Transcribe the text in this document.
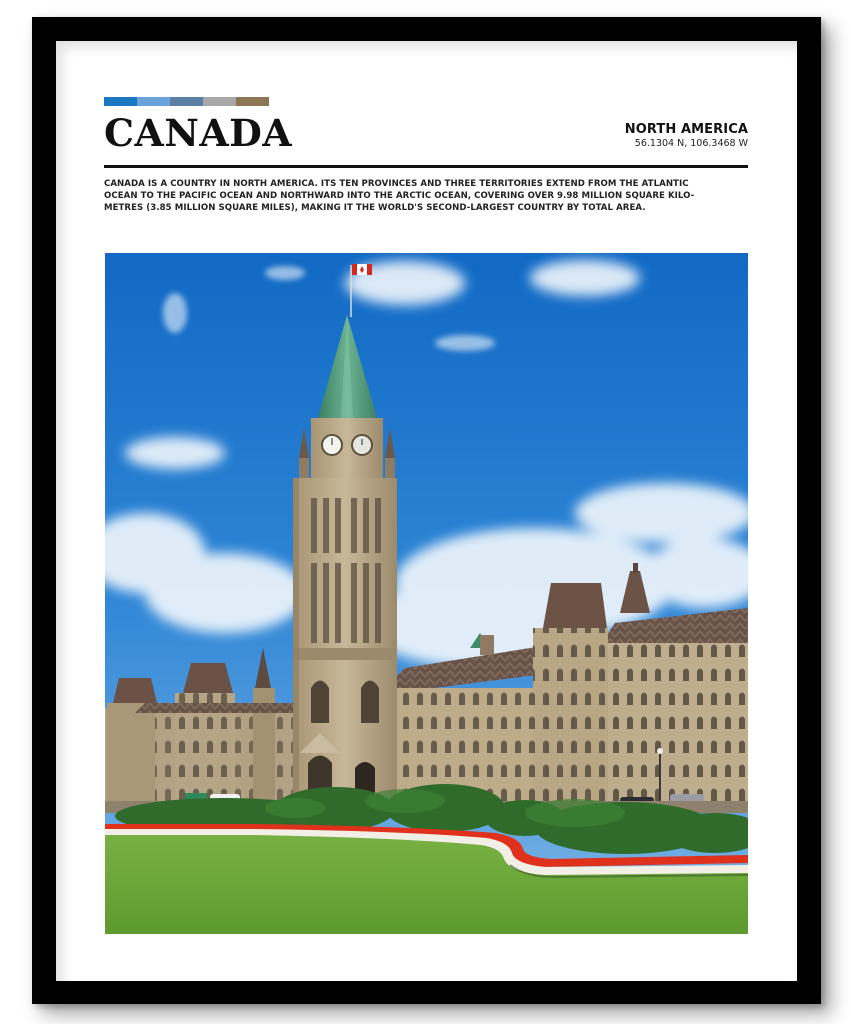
CANADA	NORTH AMERICA
56.1304 N, 106.3468 W
CANADA IS A COUNTRY IN NORTH AMERICA. ITS TEN PROVINCES AND THREE TERRITORIES EXTEND FROM THE ATLANTIC
OCEAN TO THE PACIFIC OCEAN AND NORTHWARD INTO THE ARCTIC OCEAN, COVERING OVER 9.98 MILLION SQUARE KILO-
METRES (3.85 MILLION SQUARE MILES), MAKING IT THE WORLD'S SECOND-LARGEST COUNTRY BY TOTAL AREA.
